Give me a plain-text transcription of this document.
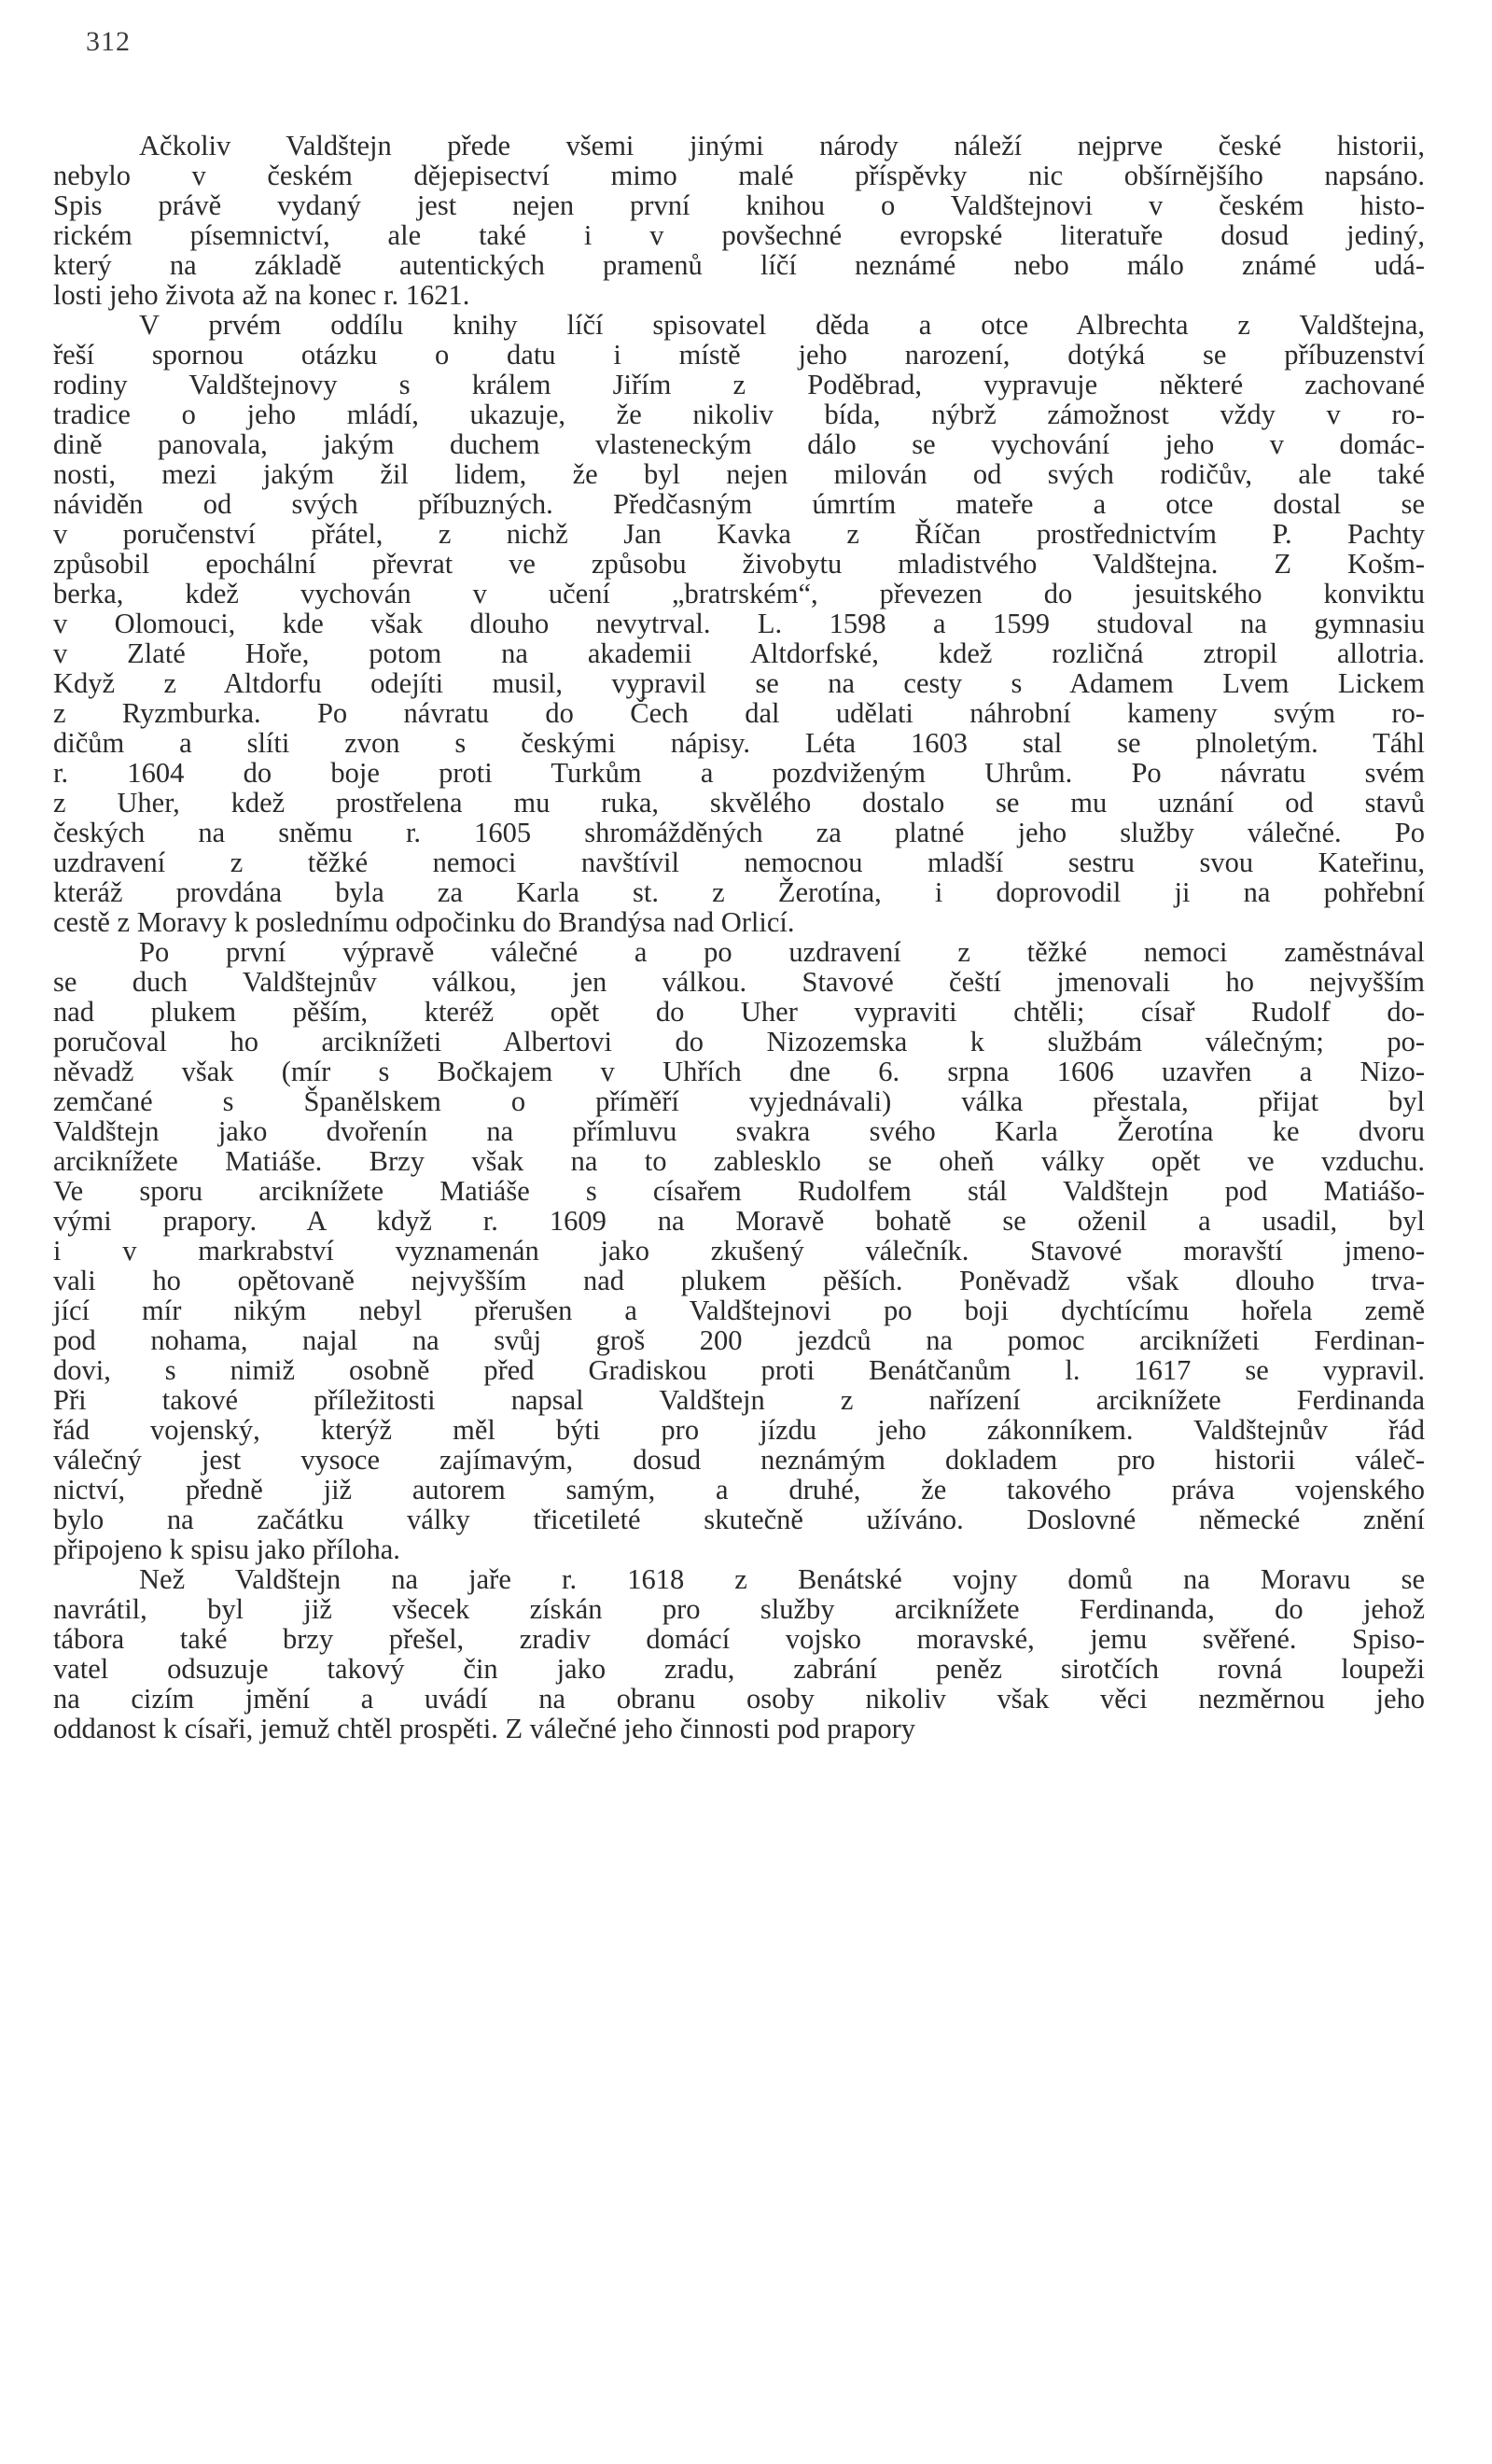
312
Ačkoliv Valdštejn přede všemi jinými národy náleží nejprve české historii,
nebylo v českém dějepisectví mimo malé příspěvky nic obšírnějšího napsáno.
Spis právě vydaný jest nejen první knihou o Valdštejnovi v českém histo-
rickém písemnictví, ale také i v povšechné evropské literatuře dosud jediný,
který na základě autentických pramenů líčí neznámé nebo málo známé udá-
losti jeho života až na konec r. 1621.
V prvém oddílu knihy líčí spisovatel děda a otce Albrechta z Valdštejna,
řeší spornou otázku o datu i místě jeho narození, dotýká se příbuzenství
rodiny Valdštejnovy s králem Jiřím z Poděbrad, vypravuje některé zachované
tradice o jeho mládí, ukazuje, že nikoliv bída, nýbrž zámožnost vždy v ro-
dině panovala, jakým duchem vlasteneckým dálo se vychování jeho v domác-
nosti, mezi jakým žil lidem, že byl nejen milován od svých rodičův, ale také
náviděn od svých příbuzných. Předčasným úmrtím mateře a otce dostal se
v poručenství přátel, z nichž Jan Kavka z Říčan prostřednictvím P. Pachty
způsobil epochální převrat ve způsobu živobytu mladistvého Valdštejna. Z Košm-
berka, kdež vychován v učení „bratrském“, převezen do jesuitského konviktu
v Olomouci, kde však dlouho nevytrval. L. 1598 a 1599 studoval na gymnasiu
v Zlaté Hoře, potom na akademii Altdorfské, kdež rozličná ztropil allotria.
Když z Altdorfu odejíti musil, vypravil se na cesty s Adamem Lvem Lickem
z Ryzmburka. Po návratu do Čech dal udělati náhrobní kameny svým ro-
dičům a slíti zvon s českými nápisy. Léta 1603 stal se plnoletým. Táhl
r. 1604 do boje proti Turkům a pozdviženým Uhrům. Po návratu svém
z Uher, kdež prostřelena mu ruka, skvělého dostalo se mu uznání od stavů
českých na sněmu r. 1605 shromážděných za platné jeho služby válečné. Po
uzdravení z těžké nemoci navštívil nemocnou mladší sestru svou Kateřinu,
kteráž provdána byla za Karla st. z Žerotína, i doprovodil ji na pohřební
cestě z Moravy k poslednímu odpočinku do Brandýsa nad Orlicí.
Po první výpravě válečné a po uzdravení z těžké nemoci zaměstnával
se duch Valdštejnův válkou, jen válkou. Stavové čeští jmenovali ho nejvyšším
nad plukem pěším, kteréž opět do Uher vypraviti chtěli; císař Rudolf do-
poručoval ho arciknížeti Albertovi do Nizozemska k službám válečným; po-
něvadž však (mír s Bočkajem v Uhřích dne 6. srpna 1606 uzavřen a Nizo-
zemčané s Španělskem o příměří vyjednávali) válka přestala, přijat byl
Valdštejn jako dvořenín na přímluvu svakra svého Karla Žerotína ke dvoru
arciknížete Matiáše. Brzy však na to zablesklo se oheň války opět ve vzduchu.
Ve sporu arciknížete Matiáše s císařem Rudolfem stál Valdštejn pod Matiášo-
vými prapory. A když r. 1609 na Moravě bohatě se oženil a usadil, byl
i v markrabství vyznamenán jako zkušený válečník. Stavové moravští jmeno-
vali ho opětovaně nejvyšším nad plukem pěších. Poněvadž však dlouho trva-
jící mír nikým nebyl přerušen a Valdštejnovi po boji dychtícímu hořela země
pod nohama, najal na svůj groš 200 jezdců na pomoc arciknížeti Ferdinan-
dovi, s nimiž osobně před Gradiskou proti Benátčanům l. 1617 se vypravil.
Při takové příležitosti napsal Valdštejn z nařízení arciknížete Ferdinanda
řád vojenský, kterýž měl býti pro jízdu jeho zákonníkem. Valdštejnův řád
válečný jest vysoce zajímavým, dosud neznámým dokladem pro historii váleč-
nictví, předně již autorem samým, a druhé, že takového práva vojenského
bylo na začátku války třicetileté skutečně užíváno. Doslovné německé znění
připojeno k spisu jako příloha.
Než Valdštejn na jaře r. 1618 z Benátské vojny domů na Moravu se
navrátil, byl již všecek získán pro služby arciknížete Ferdinanda, do jehož
tábora také brzy přešel, zradiv domácí vojsko moravské, jemu svěřené. Spiso-
vatel odsuzuje takový čin jako zradu, zabrání peněz sirotčích rovná loupeži
na cizím jmění a uvádí na obranu osoby nikoliv však věci nezměrnou jeho
oddanost k císaři, jemuž chtěl prospěti. Z válečné jeho činnosti pod prapory
